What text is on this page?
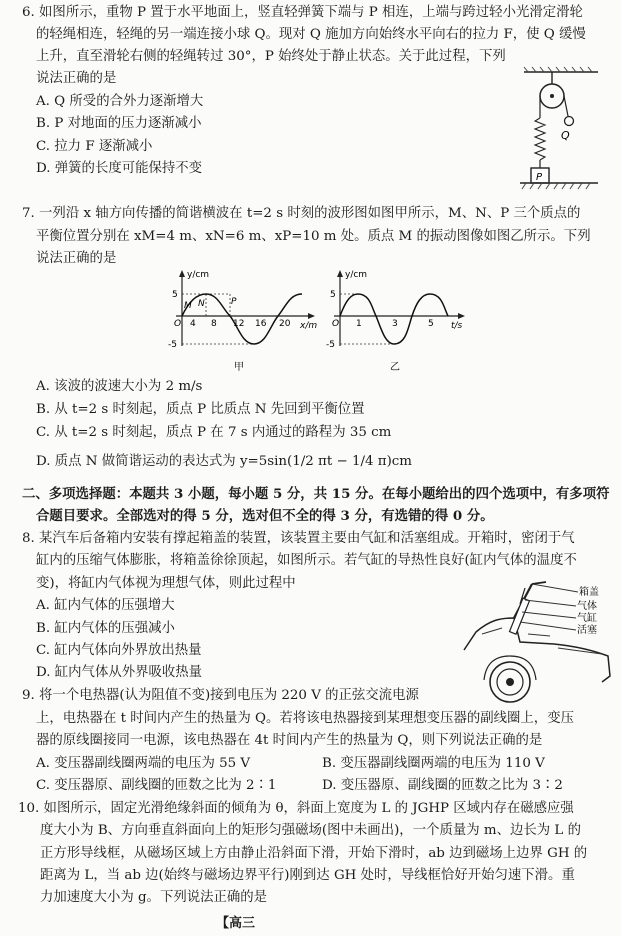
6. 如图所示，重物 P 置于水平地面上，竖直轻弹簧下端与 P 相连，上端与跨过轻小光滑定滑轮
的轻绳相连，轻绳的另一端连接小球 Q。现对 Q 施加方向始终水平向右的拉力 F，使 Q 缓慢
上升，直至滑轮右侧的轻绳转过 30°，P 始终处于静止状态。关于此过程，下列
说法正确的是
A. Q 所受的合外力逐渐增大
B. P 对地面的压力逐渐减小
C. 拉力 F 逐渐减小
D. 弹簧的长度可能保持不变
Q
P
7. 一列沿 x 轴方向传播的简谐横波在 t=2 s 时刻的波形图如图甲所示，M、N、P 三个质点的
平衡位置分别在 xM=4 m、xN=6 m、xP=10 m 处。质点 M 的振动图像如图乙所示。下列
说法正确的是
y/cm
x/m
5
-5
O 4 8 12 16 20
M N	P
甲
y/cm
t/s
5
-5
O 1	3	5
乙
A. 该波的波速大小为 2 m/s
B. 从 t=2 s 时刻起，质点 P 比质点 N 先回到平衡位置
C. 从 t=2 s 时刻起，质点 P 在 7 s 内通过的路程为 35 cm
D. 质点 N 做简谐运动的表达式为 y=5sin(1/2 πt − 1/4 π)cm
二、多项选择题：本题共 3 小题，每小题 5 分，共 15 分。在每小题给出的四个选项中，有多项符
合题目要求。全部选对的得 5 分，选对但不全的得 3 分，有选错的得 0 分。
8. 某汽车后备箱内安装有撑起箱盖的装置，该装置主要由气缸和活塞组成。开箱时，密闭于气
缸内的压缩气体膨胀，将箱盖徐徐顶起，如图所示。若气缸的导热性良好(缸内气体的温度不
变)，将缸内气体视为理想气体，则此过程中
A. 缸内气体的压强增大
B. 缸内气体的压强减小
C. 缸内气体向外界放出热量
D. 缸内气体从外界吸收热量
箱盖
气体
气缸
活塞
9. 将一个电热器(认为阻值不变)接到电压为 220 V 的正弦交流电源
上，电热器在 t 时间内产生的热量为 Q。若将该电热器接到某理想变压器的副线圈上，变压
器的原线圈接同一电源，该电热器在 4t 时间内产生的热量为 Q，则下列说法正确的是
A. 变压器副线圈两端的电压为 55 V	B. 变压器副线圈两端的电压为 110 V
C. 变压器原、副线圈的匝数之比为 2∶1	D. 变压器原、副线圈的匝数之比为 3∶2
10. 如图所示，固定光滑绝缘斜面的倾角为 θ，斜面上宽度为 L 的 JGHP 区域内存在磁感应强
度大小为 B、方向垂直斜面向上的矩形匀强磁场(图中未画出)，一个质量为 m、边长为 L 的
正方形导线框，从磁场区域上方由静止沿斜面下滑，开始下滑时，ab 边到磁场上边界 GH 的
距离为 L，当 ab 边(始终与磁场边界平行)刚到达 GH 处时，导线框恰好开始匀速下滑。重
力加速度大小为 g。下列说法正确的是
【高三
